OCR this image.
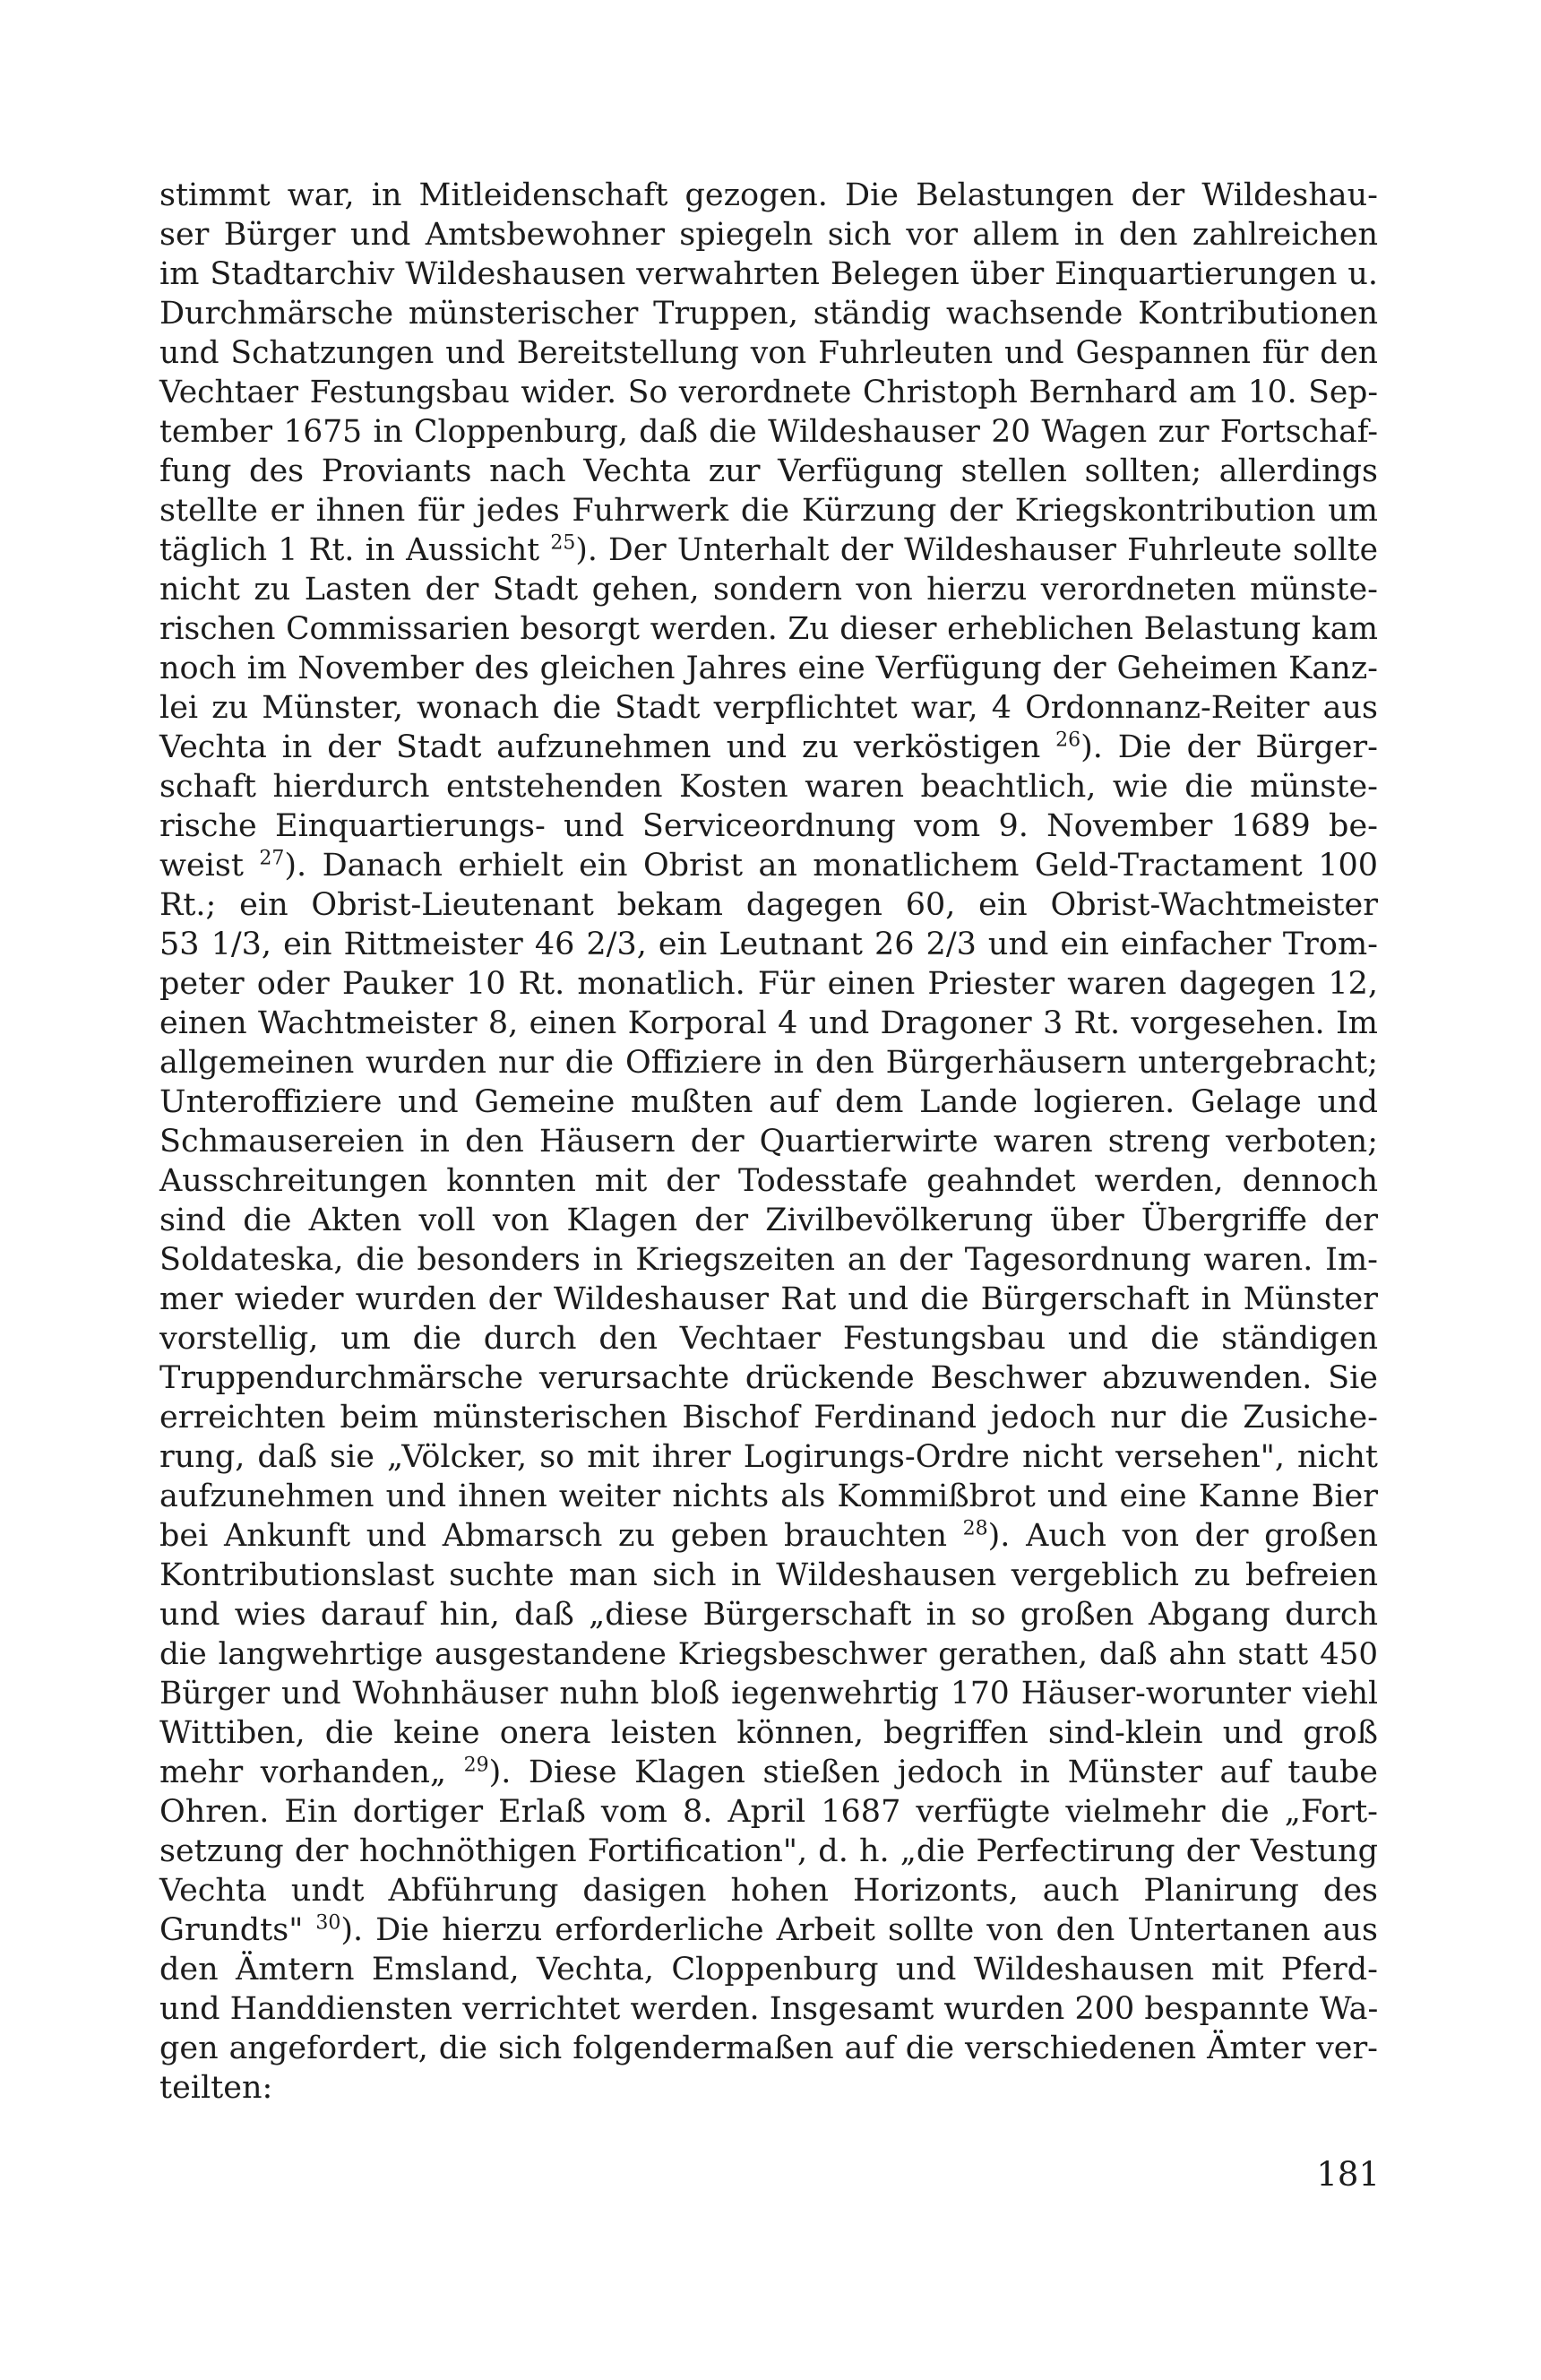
stimmt war, in Mitleidenschaft gezogen. Die Belastungen der Wildeshau-
ser Bürger und Amtsbewohner spiegeln sich vor allem in den zahlreichen
im Stadtarchiv Wildeshausen verwahrten Belegen über Einquartierungen u.
Durchmärsche münsterischer Truppen, ständig wachsende Kontributionen
und Schatzungen und Bereitstellung von Fuhrleuten und Gespannen für den
Vechtaer Festungsbau wider. So verordnete Christoph Bernhard am 10. Sep-
tember 1675 in Cloppenburg, daß die Wildeshauser 20 Wagen zur Fortschaf-
fung des Proviants nach Vechta zur Verfügung stellen sollten; allerdings
stellte er ihnen für jedes Fuhrwerk die Kürzung der Kriegskontribution um
täglich 1 Rt. in Aussicht $^{25}$). Der Unterhalt der Wildeshauser Fuhrleute sollte
nicht zu Lasten der Stadt gehen, sondern von hierzu verordneten münste-
rischen Commissarien besorgt werden. Zu dieser erheblichen Belastung kam
noch im November des gleichen Jahres eine Verfügung der Geheimen Kanz-
lei zu Münster, wonach die Stadt verpflichtet war, 4 Ordonnanz-Reiter aus
Vechta in der Stadt aufzunehmen und zu verköstigen $^{26}$). Die der Bürger-
schaft hierdurch entstehenden Kosten waren beachtlich, wie die münste-
rische Einquartierungs- und Serviceordnung vom 9. November 1689 be-
weist $^{27}$). Danach erhielt ein Obrist an monatlichem Geld-Tractament 100
Rt.; ein Obrist-Lieutenant bekam dagegen 60, ein Obrist-Wachtmeister
53 1/3, ein Rittmeister 46 2/3, ein Leutnant 26 2/3 und ein einfacher Trom-
peter oder Pauker 10 Rt. monatlich. Für einen Priester waren dagegen 12,
einen Wachtmeister 8, einen Korporal 4 und Dragoner 3 Rt. vorgesehen. Im
allgemeinen wurden nur die Offiziere in den Bürgerhäusern untergebracht;
Unteroffiziere und Gemeine mußten auf dem Lande logieren. Gelage und
Schmausereien in den Häusern der Quartierwirte waren streng verboten;
Ausschreitungen konnten mit der Todesstafe geahndet werden, dennoch
sind die Akten voll von Klagen der Zivilbevölkerung über Übergriffe der
Soldateska, die besonders in Kriegszeiten an der Tagesordnung waren. Im-
mer wieder wurden der Wildeshauser Rat und die Bürgerschaft in Münster
vorstellig, um die durch den Vechtaer Festungsbau und die ständigen
Truppendurchmärsche verursachte drückende Beschwer abzuwenden. Sie
erreichten beim münsterischen Bischof Ferdinand jedoch nur die Zusiche-
rung, daß sie „Völcker, so mit ihrer Logirungs-Ordre nicht versehen", nicht
aufzunehmen und ihnen weiter nichts als Kommißbrot und eine Kanne Bier
bei Ankunft und Abmarsch zu geben brauchten $^{28}$). Auch von der großen
Kontributionslast suchte man sich in Wildeshausen vergeblich zu befreien
und wies darauf hin, daß „diese Bürgerschaft in so großen Abgang durch
die langwehrtige ausgestandene Kriegsbeschwer gerathen, daß ahn statt 450
Bürger und Wohnhäuser nuhn bloß iegenwehrtig 170 Häuser-worunter viehl
Wittiben, die keine onera leisten können, begriffen sind-klein und groß
mehr vorhanden„ $^{29}$). Diese Klagen stießen jedoch in Münster auf taube
Ohren. Ein dortiger Erlaß vom 8. April 1687 verfügte vielmehr die „Fort-
setzung der hochnöthigen Fortification", d. h. „die Perfectirung der Vestung
Vechta undt Abführung dasigen hohen Horizonts, auch Planirung des
Grundts" $^{30}$). Die hierzu erforderliche Arbeit sollte von den Untertanen aus
den Ämtern Emsland, Vechta, Cloppenburg und Wildeshausen mit Pferd-
und Handdiensten verrichtet werden. Insgesamt wurden 200 bespannte Wa-
gen angefordert, die sich folgendermaßen auf die verschiedenen Ämter ver-
teilten:
181
